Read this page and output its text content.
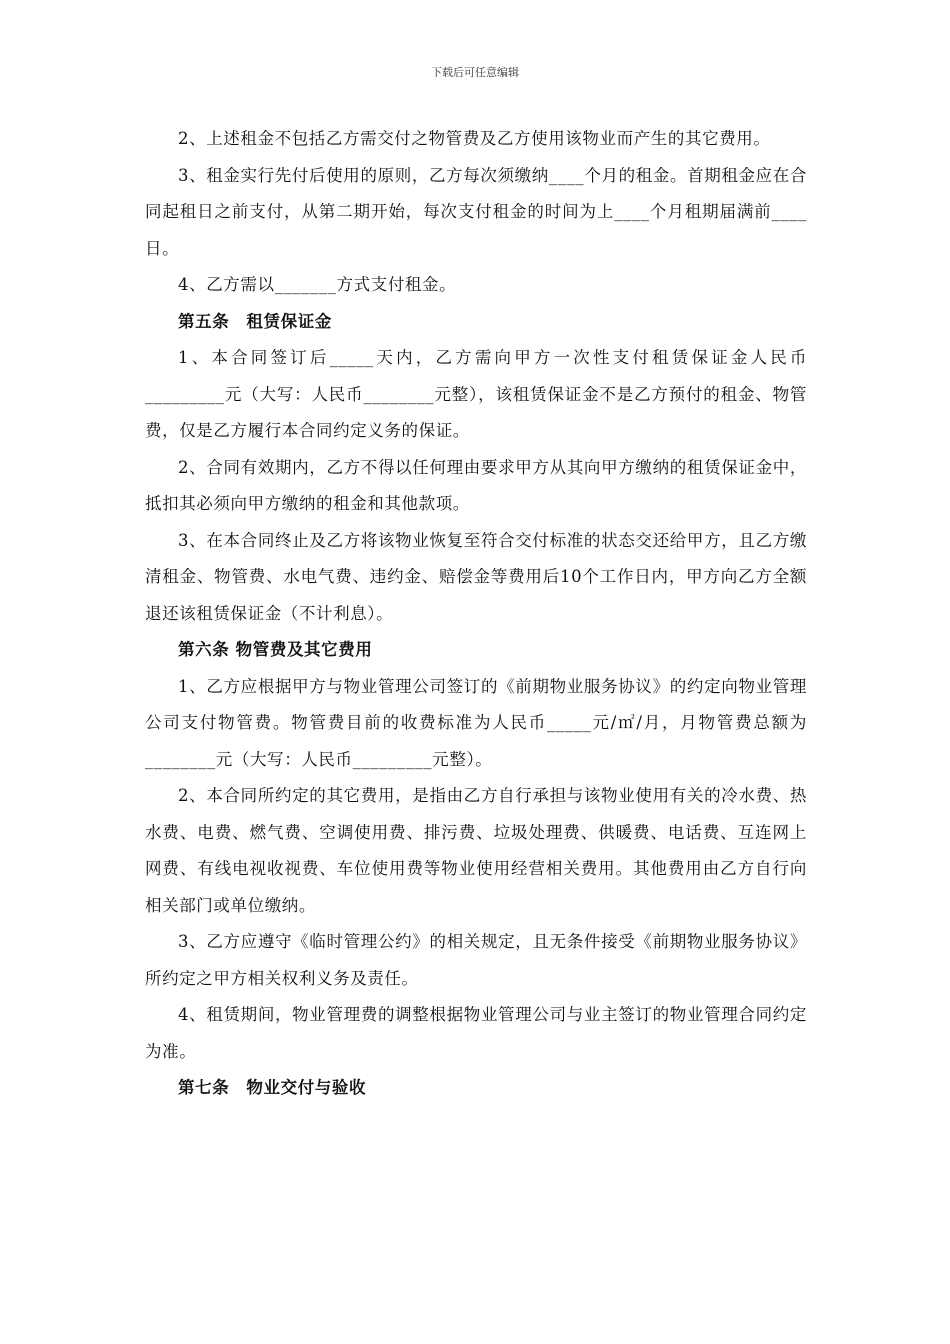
下载后可任意编辑

2、上述租金不包括乙方需交付之物管费及乙方使用该物业而产生的其它费用。

3、租金实行先付后使用的原则，乙方每次须缴纳____个月的租金。首期租金应在合同起租日之前支付，从第二期开始，每次支付租金的时间为上____个月租期届满前____日。

4、乙方需以_______方式支付租金。

第五条　租赁保证金

1、本合同签订后_____天内，乙方需向甲方一次性支付租赁保证金人民币_________元（大写：人民币________元整），该租赁保证金不是乙方预付的租金、物管费，仅是乙方履行本合同约定义务的保证。

2、合同有效期内，乙方不得以任何理由要求甲方从其向甲方缴纳的租赁保证金中，抵扣其必须向甲方缴纳的租金和其他款项。

3、在本合同终止及乙方将该物业恢复至符合交付标准的状态交还给甲方，且乙方缴清租金、物管费、水电气费、违约金、赔偿金等费用后10个工作日内，甲方向乙方全额退还该租赁保证金（不计利息）。

第六条 物管费及其它费用

1、乙方应根据甲方与物业管理公司签订的《前期物业服务协议》的约定向物业管理公司支付物管费。物管费目前的收费标准为人民币_____元/㎡/月，月物管费总额为________元（大写：人民币_________元整）。

2、本合同所约定的其它费用，是指由乙方自行承担与该物业使用有关的冷水费、热水费、电费、燃气费、空调使用费、排污费、垃圾处理费、供暖费、电话费、互连网上网费、有线电视收视费、车位使用费等物业使用经营相关费用。其他费用由乙方自行向相关部门或单位缴纳。

3、乙方应遵守《临时管理公约》的相关规定，且无条件接受《前期物业服务协议》所约定之甲方相关权利义务及责任。

4、租赁期间，物业管理费的调整根据物业管理公司与业主签订的物业管理合同约定为准。

第七条　物业交付与验收
